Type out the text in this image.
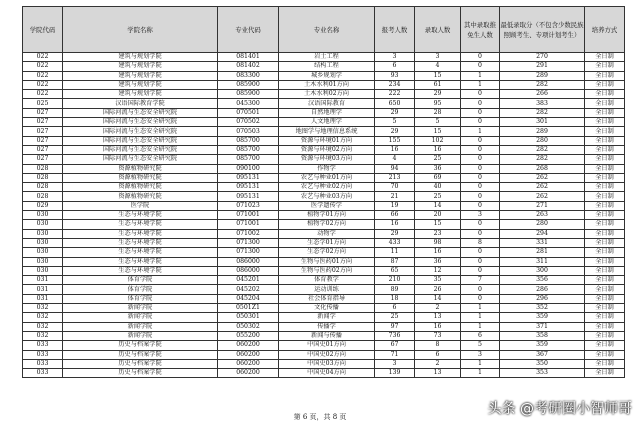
学院代码	学院名称	专业代码	专业名称	报考人数	录取人数	其中录取推免生人数	最低录取分（不包含少数民族照顾考生、专项计划考生）	培养方式
022	建筑与规划学院	081401	岩土工程	3	3	0	270	全日制
022	建筑与规划学院	081402	结构工程	6	4	0	291	全日制
022	建筑与规划学院	083300	城乡规划学	93	15	1	289	全日制
022	建筑与规划学院	085900	土木水利01方向	234	61	1	282	全日制
022	建筑与规划学院	085900	土木水利02方向	222	29	0	266	全日制
025	汉语国际教育学院	045300	汉语国际教育	650	95	0	383	全日制
027	国际河流与生态安全研究院	070501	自然地理学	29	28	0	282	全日制
027	国际河流与生态安全研究院	070502	人文地理学	5	5	0	301	全日制
027	国际河流与生态安全研究院	070503	地图学与地理信息系统	29	15	1	289	全日制
027	国际河流与生态安全研究院	085700	资源与环境01方向	155	102	0	280	全日制
027	国际河流与生态安全研究院	085700	资源与环境02方向	16	16	0	282	全日制
027	国际河流与生态安全研究院	085700	资源与环境03方向	4	25	0	282	全日制
028	资源植物研究院	090100	作物学	94	36	0	268	全日制
028	资源植物研究院	095131	农艺与种业01方向	213	69	0	262	全日制
028	资源植物研究院	095131	农艺与种业02方向	70	40	0	262	全日制
028	资源植物研究院	095131	农艺与种业03方向	21	25	0	262	全日制
029	医学院	071023	医学遗传学	19	14	0	271	全日制
030	生态与环境学院	071001	植物学01方向	66	20	3	263	全日制
030	生态与环境学院	071001	植物学02方向	16	15	0	280	全日制
030	生态与环境学院	071002	动物学	29	23	0	294	全日制
030	生态与环境学院	071300	生态学01方向	433	98	8	331	全日制
030	生态与环境学院	071300	生态学02方向	11	16	0	281	全日制
030	生态与环境学院	086000	生物与医药01方向	87	36	0	311	全日制
030	生态与环境学院	086000	生物与医药02方向	65	12	0	300	全日制
031	体育学院	045201	体育教学	210	35	7	356	全日制
031	体育学院	045202	运动训练	89	26	0	286	全日制
031	体育学院	045204	社会体育指导	18	14	0	296	全日制
032	新闻学院	0501Z1	文化传播	6	2	1	352	全日制
032	新闻学院	050301	新闻学	25	13	1	359	全日制
032	新闻学院	050302	传播学	97	16	1	371	全日制
032	新闻学院	055200	新闻与传播	736	73	6	358	全日制
033	历史与档案学院	060200	中国史01方向	67	8	5	359	全日制
033	历史与档案学院	060200	中国史02方向	71	6	3	367	全日制
033	历史与档案学院	060200	中国史03方向	3	2	1	350	全日制
033	历史与档案学院	060200	中国史04方向	139	13	1	353	全日制
第 6 页，共 8 页	头条 @考研圈小智师哥
